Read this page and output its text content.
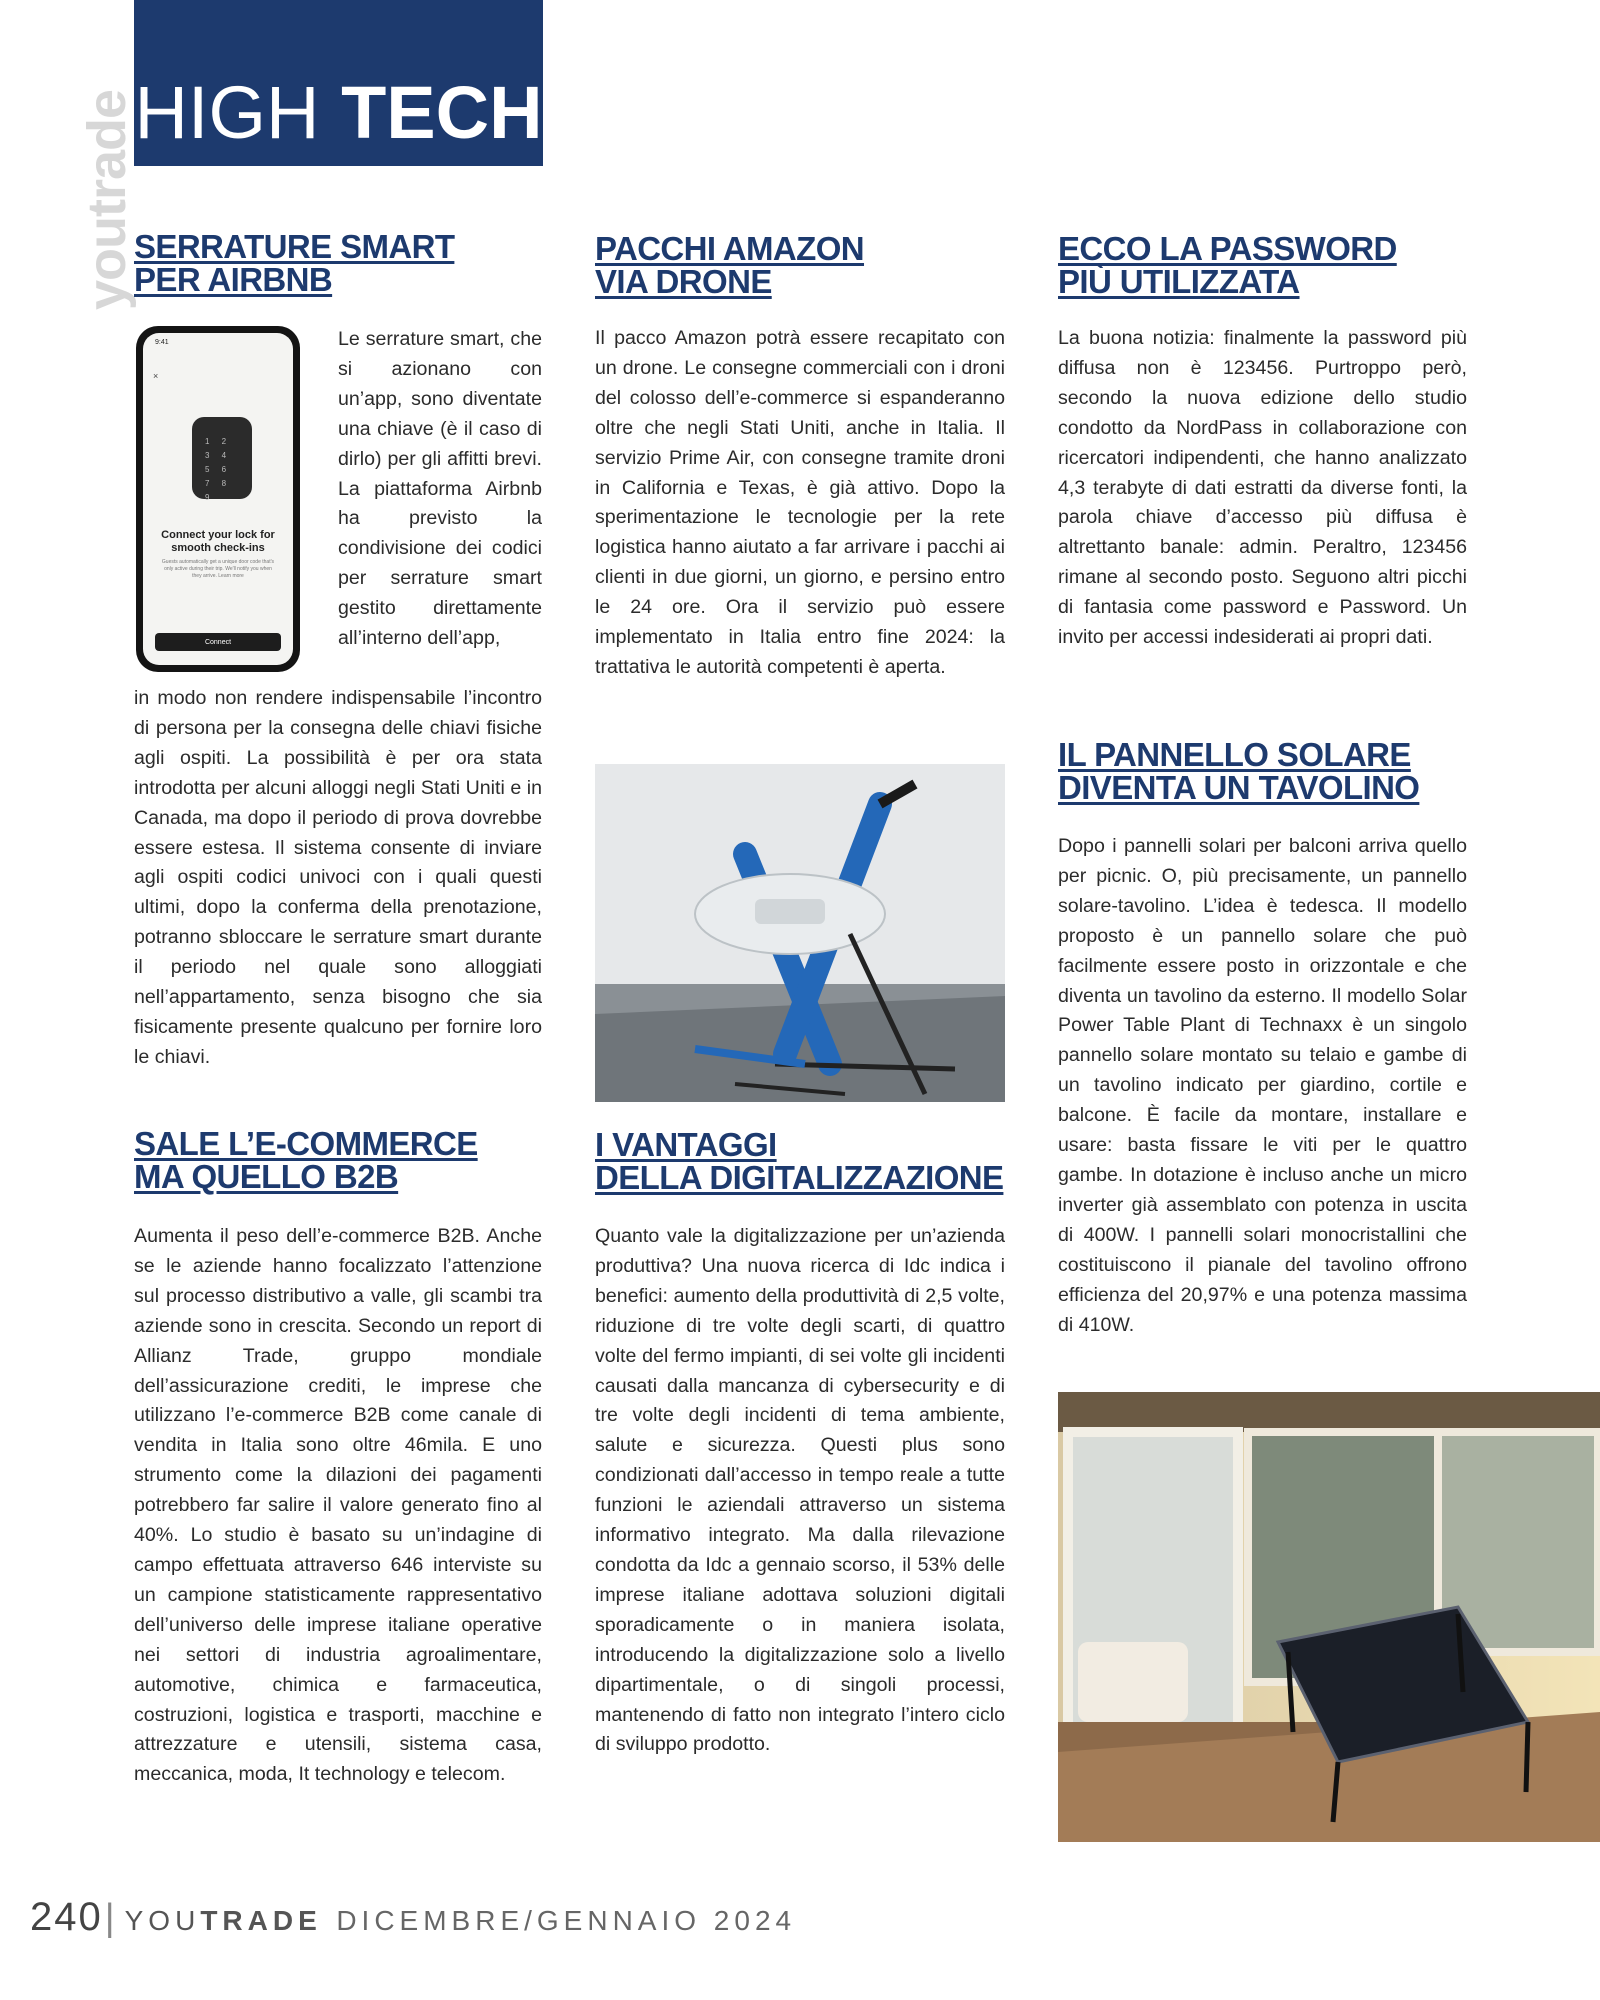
HIGH TECH
youtrade
SERRATURE SMART
PER AIRBNB
9:41
×
1 2 3 4 5 6 7 8 9
Connect your lock for smooth check-ins
Guests automatically get a unique door code that's only active during their trip. We'll notify you when they arrive. Learn more
Connect

Le serrature smart, che si azionano con un’app, sono diventate una chiave (è il caso di dirlo) per gli affitti brevi. La piattaforma Airbnb ha previsto la condivisione dei codici per serrature smart gestito direttamente all’interno dell’app,

in modo non rendere indispensabile l’incontro di persona per la consegna delle chiavi fisiche agli ospiti. La possibilità è per ora stata introdotta per alcuni alloggi negli Stati Uniti e in Canada, ma dopo il periodo di prova dovrebbe essere estesa. Il sistema consente di inviare agli ospiti codici univoci con i quali questi ultimi, dopo la conferma della prenotazione, potranno sbloccare le serrature smart durante il periodo nel quale sono alloggiati nell’appartamento, senza bisogno che sia fisicamente presente qualcuno per fornire loro le chiavi.

SALE L’E-COMMERCE
MA QUELLO B2B

Aumenta il peso dell’e-commerce B2B. Anche se le aziende hanno focalizzato l’attenzione sul processo distributivo a valle, gli scambi tra aziende sono in crescita. Secondo un report di Allianz Trade, gruppo mondiale dell’assicurazione crediti, le imprese che utilizzano l’e-commerce B2B come canale di vendita in Italia sono oltre 46mila. E uno strumento come la dilazioni dei pagamenti potrebbero far salire il valore generato fino al 40%. Lo studio è basato su un’indagine di campo effettuata attraverso 646 interviste su un campione statisticamente rappresentativo dell’universo delle imprese italiane operative nei settori di industria agroalimentare, automotive, chimica e farmaceutica, costruzioni, logistica e trasporti, macchine e attrezzature e utensili, sistema casa, meccanica, moda, It technology e telecom.

PACCHI AMAZON
VIA DRONE

Il pacco Amazon potrà essere recapitato con un drone. Le consegne commerciali con i droni del colosso dell’e-commerce si espanderanno oltre che negli Stati Uniti, anche in Italia. Il servizio Prime Air, con consegne tramite droni in California e Texas, è già attivo. Dopo la sperimentazione le tecnologie per la rete logistica hanno aiutato a far arrivare i pacchi ai clienti in due giorni, un giorno, e persino entro le 24 ore. Ora il servizio può essere implementato in Italia entro fine 2024: la trattativa le autorità competenti è aperta.

I VANTAGGI
DELLA DIGITALIZZAZIONE

Quanto vale la digitalizzazione per un’azienda produttiva? Una nuova ricerca di Idc indica i benefici: aumento della produttività di 2,5 volte, riduzione di tre volte degli scarti, di quattro volte del fermo impianti, di sei volte gli incidenti causati dalla mancanza di cybersecurity e di tre volte degli incidenti di tema ambiente, salute e sicurezza. Questi plus sono condizionati dall’accesso in tempo reale a tutte funzioni le aziendali attraverso un sistema informativo integrato. Ma dalla rilevazione condotta da Idc a gennaio scorso, il 53% delle imprese italiane adottava soluzioni digitali sporadicamente o in maniera isolata, introducendo la digitalizzazione solo a livello dipartimentale, o di singoli processi, mantenendo di fatto non integrato l’intero ciclo di sviluppo prodotto.

ECCO LA PASSWORD
PIÙ UTILIZZATA

La buona notizia: finalmente la password più diffusa non è 123456. Purtroppo però, secondo la nuova edizione dello studio condotto da NordPass in collaborazione con ricercatori indipendenti, che hanno analizzato 4,3 terabyte di dati estratti da diverse fonti, la parola chiave d’accesso più diffusa è altrettanto banale: admin. Peraltro, 123456 rimane al secondo posto. Seguono altri picchi di fantasia come password e Password. Un invito per accessi indesiderati ai propri dati.

IL PANNELLO SOLARE
DIVENTA UN TAVOLINO

Dopo i pannelli solari per balconi arriva quello per picnic. O, più precisamente, un pannello solare-tavolino. L’idea è tedesca. Il modello proposto è un pannello solare che può facilmente essere posto in orizzontale e che diventa un tavolino da esterno. Il modello Solar Power Table Plant di Technaxx è un singolo pannello solare montato su telaio e gambe di un tavolino indicato per giardino, cortile e balcone. È facile da montare, installare e usare: basta fissare le viti per le quattro gambe. In dotazione è incluso anche un micro inverter già assemblato con potenza in uscita di 400W. I pannelli solari monocristallini che costituiscono il pianale del tavolino offrono efficienza del 20,97% e una potenza massima di 410W.

240| YOUTRADE DICEMBRE/GENNAIO 2024
